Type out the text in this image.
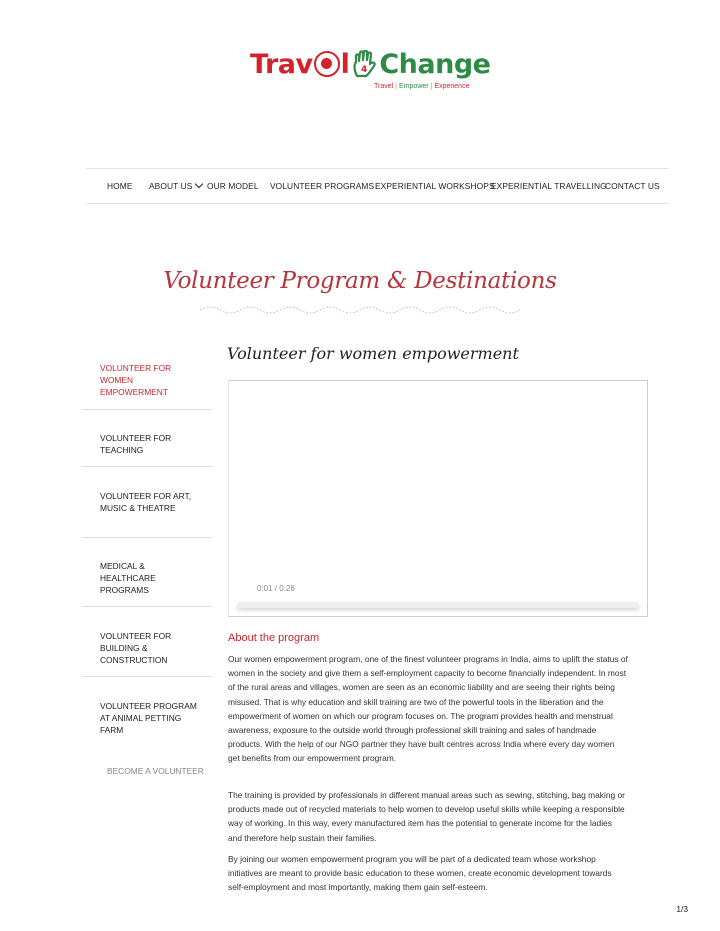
Trav l 4 Change
Travel | Empower | Experience
HOME ABOUT US	OUR MODEL VOLUNTEER PROGRAMS EXPERIENTIAL WORKSHOPS
EXPERIENTIAL TRAVELLING
CONTACT US
Volunteer Program & Destinations
VOLUNTEER FOR WOMEN EMPOWERMENT
VOLUNTEER FOR TEACHING
VOLUNTEER FOR ART, MUSIC & THEATRE
MEDICAL & HEALTHCARE PROGRAMS
VOLUNTEER FOR BUILDING & CONSTRUCTION
VOLUNTEER PROGRAM AT ANIMAL PETTING FARM
BECOME A VOLUNTEER
Volunteer for women empowerment
0:01 / 0:26
About the program
Our women empowerment program, one of the finest volunteer programs in India, aims to uplift the status of women in the society and give them a self-employment capacity to become financially independent. In most of the rural areas and villages, women are seen as an economic liability and are seeing their rights being misused. That is why education and skill training are two of the powerful tools in the liberation and the empowerment of women on which our program focuses on. The program provides health and menstrual awareness, exposure to the outside world through professional skill training and sales of handmade products. With the help of our NGO partner they have built centres across India where every day women get benefits from our empowerment program.
The training is provided by professionals in different manual areas such as sewing, stitching, bag making or products made out of recycled materials to help women to develop useful skills while keeping a responsible way of working. In this way, every manufactured item has the potential to generate income for the ladies and therefore help sustain their families.
By joining our women empowerment program you will be part of a dedicated team whose workshop initiatives are meant to provide basic education to these women, create economic development towards self-employment and most importantly, making them gain self-esteem.
1/3
